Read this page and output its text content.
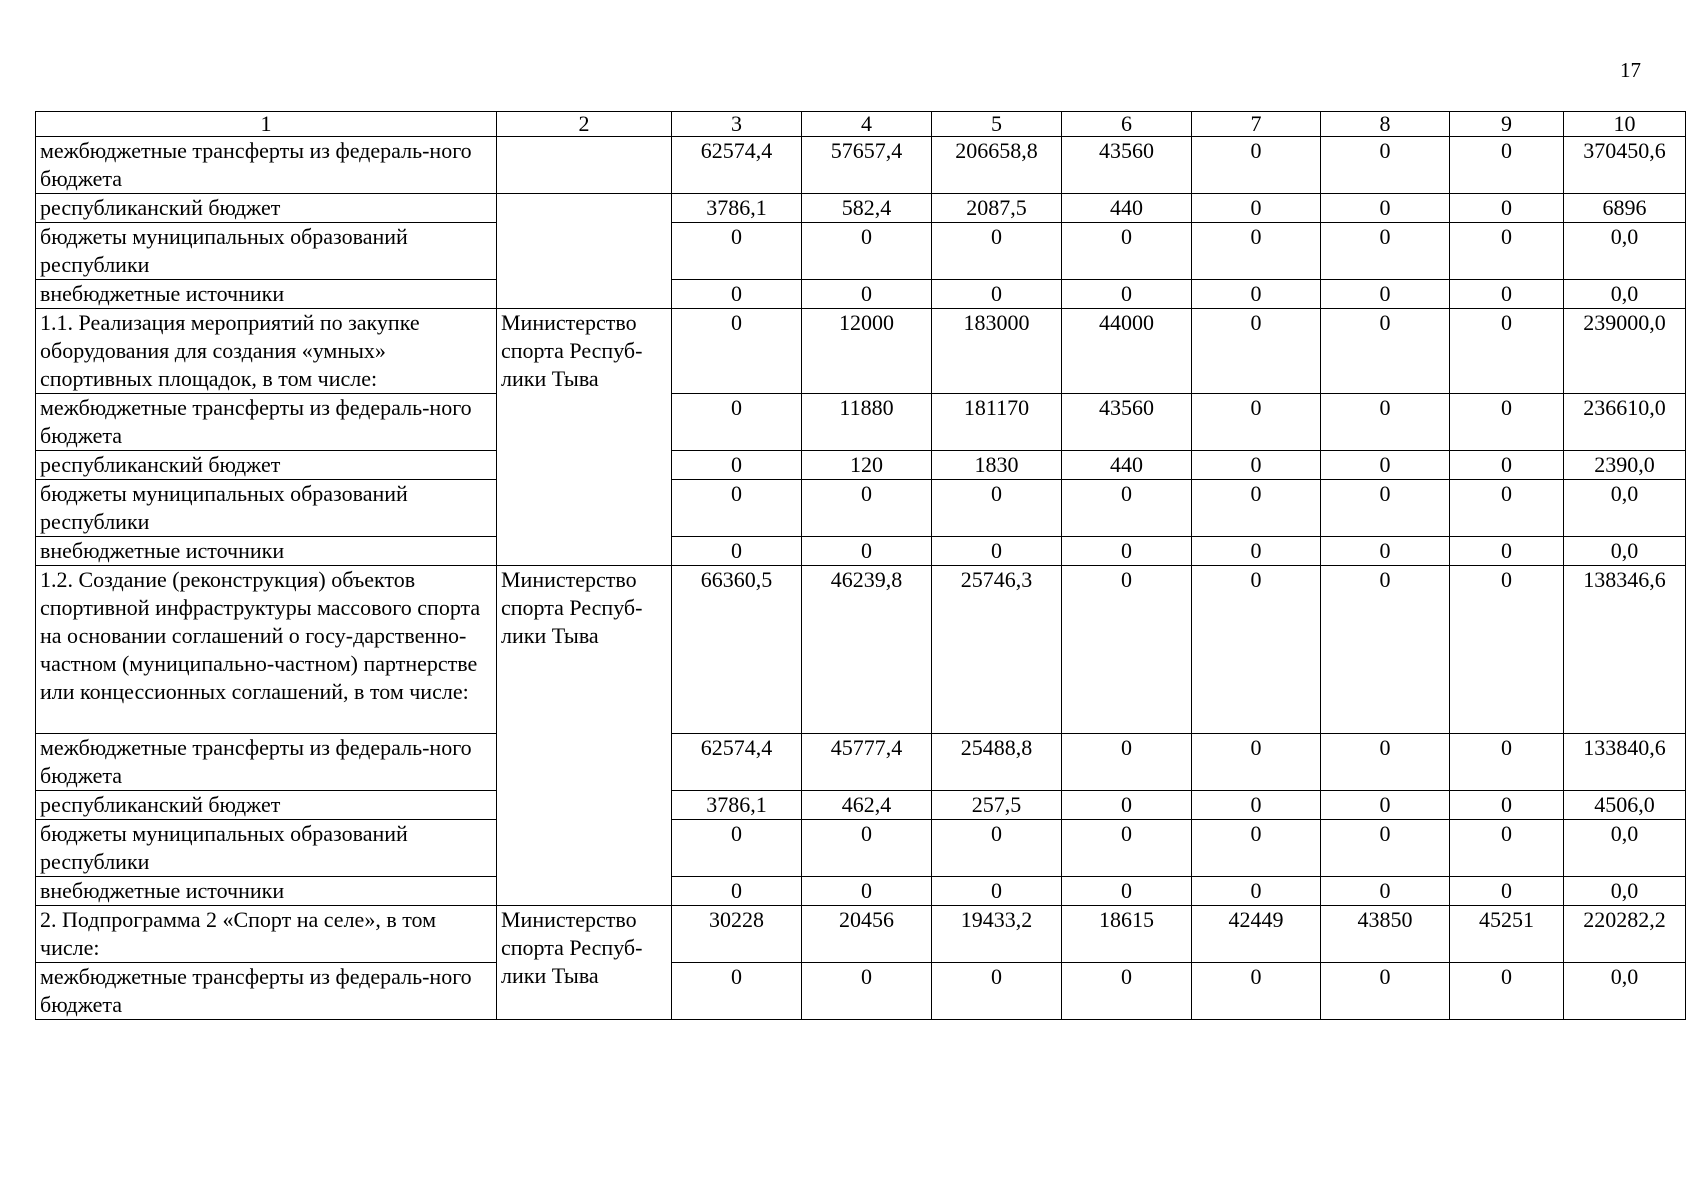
17
1	2	3	4	5	6	7	8	9	10
межбюджетные трансферты из федераль-ного бюджета		62574,4	57657,4	206658,8	43560	0	0	0	370450,6
республиканский бюджет		3786,1	582,4	2087,5	440	0	0	0	6896
бюджеты муниципальных образований республики		0	0	0	0	0	0	0	0,0
внебюджетные источники		0	0	0	0	0	0	0	0,0
1.1. Реализация мероприятий по закупке оборудования для создания «умных» спортивных площадок, в том числе:	Министерство спорта Респуб-лики Тыва	0	12000	183000	44000	0	0	0	239000,0
межбюджетные трансферты из федераль-ного бюджета		0	11880	181170	43560	0	0	0	236610,0
республиканский бюджет		0	120	1830	440	0	0	0	2390,0
бюджеты муниципальных образований республики		0	0	0	0	0	0	0	0,0
внебюджетные источники		0	0	0	0	0	0	0	0,0
1.2. Создание (реконструкция) объектов спортивной инфраструктуры массового спорта на основании соглашений о госу-дарственно-частном (муниципально-частном) партнерстве или концессионных соглашений, в том числе:	Министерство спорта Респуб-лики Тыва	66360,5	46239,8	25746,3	0	0	0	0	138346,6
межбюджетные трансферты из федераль-ного бюджета		62574,4	45777,4	25488,8	0	0	0	0	133840,6
республиканский бюджет		3786,1	462,4	257,5	0	0	0	0	4506,0
бюджеты муниципальных образований республики		0	0	0	0	0	0	0	0,0
внебюджетные источники		0	0	0	0	0	0	0	0,0
2. Подпрограмма 2 «Спорт на селе», в том числе:	Министерство спорта Респуб-лики Тыва	30228	20456	19433,2	18615	42449	43850	45251	220282,2
межбюджетные трансферты из федераль-ного бюджета		0	0	0	0	0	0	0	0,0
